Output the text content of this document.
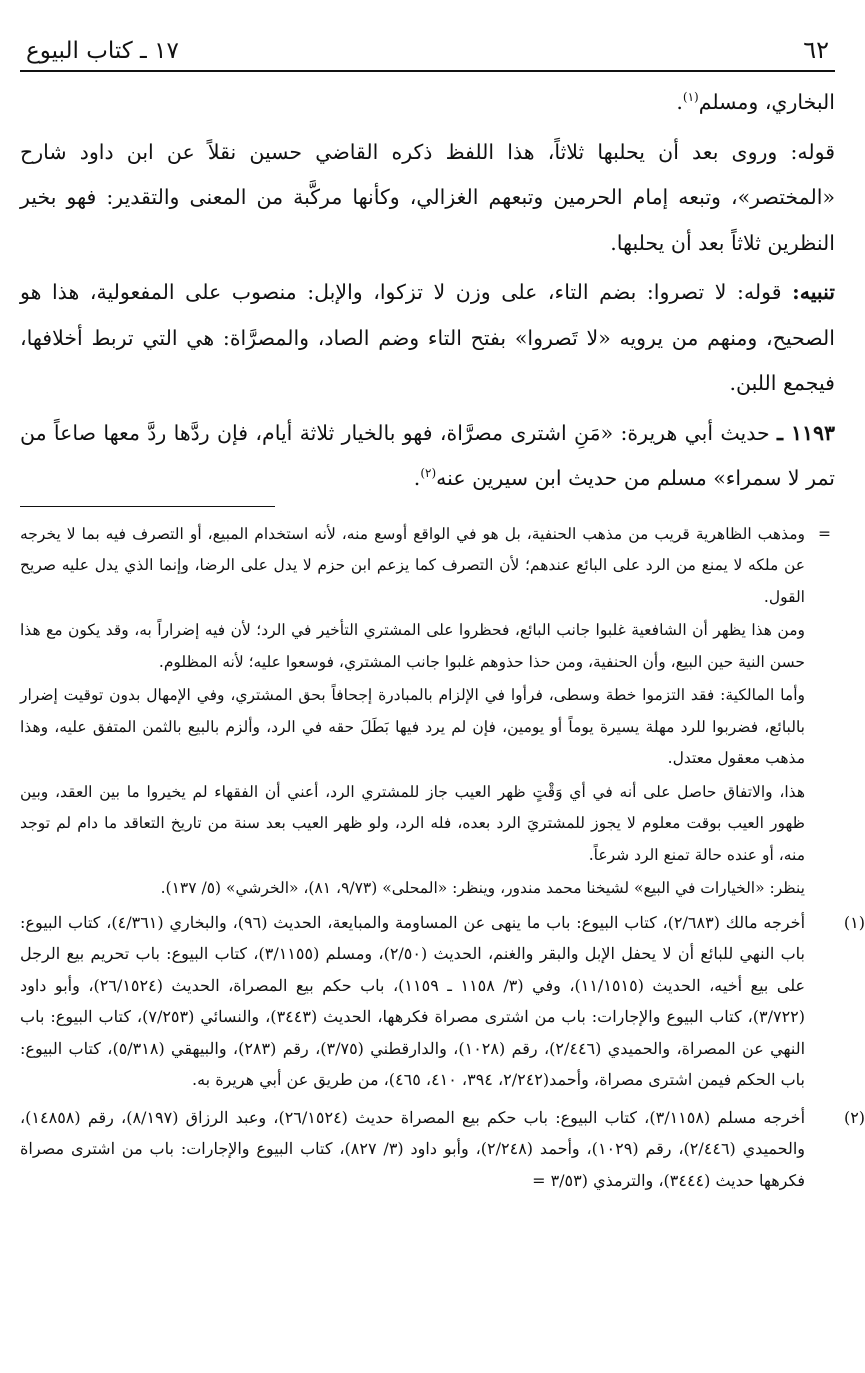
٦٢
١٧ ـ كتاب البيوع

البخاري، ومسلم$^{(١)}$.

قوله: وروى بعد أن يحلبها ثلاثاً، هذا اللفظ ذكره القاضي حسين نقلاً عن ابن داود شارح «المختصر»، وتبعه إمام الحرمين وتبعهم الغزالي، وكأنها مركَّبة من المعنى والتقدير: فهو بخير النظرين ثلاثاً بعد أن يحلبها.

تنبيه: قوله: لا تصروا: بضم التاء، على وزن لا تزكوا، والإبل: منصوب على المفعولية، هذا هو الصحيح، ومنهم من يرويه «لا تَصروا» بفتح التاء وضم الصاد، والمصرَّاة: هي التي تربط أخلافها، فيجمع اللبن.

١١٩٣ ـ حديث أبي هريرة: «مَنِ اشترى مصرَّاة، فهو بالخيار ثلاثة أيام، فإن ردَّها ردَّ معها صاعاً من تمر لا سمراء» مسلم من حديث ابن سيرين عنه$^{(٢)}$.

=
ومذهب الظاهرية قريب من مذهب الحنفية، بل هو في الواقع أوسع منه، لأنه استخدام المبيع، أو التصرف فيه بما لا يخرجه عن ملكه لا يمنع من الرد على البائع عندهم؛ لأن التصرف كما يزعم ابن حزم لا يدل على الرضا، وإنما الذي يدل عليه صريح القول.

ومن هذا يظهر أن الشافعية غلبوا جانب البائع، فحظروا على المشتري التأخير في الرد؛ لأن فيه إضراراً به، وقد يكون مع هذا حسن النية حين البيع، وأن الحنفية، ومن حذا حذوهم غلبوا جانب المشتري، فوسعوا عليه؛ لأنه المظلوم.

وأما المالكية: فقد التزموا خطة وسطى، فرأوا في الإلزام بالمبادرة إجحافاً بحق المشتري، وفي الإمهال بدون توقيت إضرار بالبائع، فضربوا للرد مهلة يسيرة يوماً أو يومين، فإن لم يرد فيها بَطَلَ حقه في الرد، وألزم بالبيع بالثمن المتفق عليه، وهذا مذهب معقول معتدل.

هذا، والاتفاق حاصل على أنه في أي وَقْتٍ ظهر العيب جاز للمشتري الرد، أعني أن الفقهاء لم يخيروا ما بين العقد، وبين ظهور العيب بوقت معلوم لا يجوز للمشتريَ الرد بعده، فله الرد، ولو ظهر العيب بعد سنة من تاريخ التعاقد ما دام لم توجد منه، أو عنده حالة تمنع الرد شرعاً.

ينظر: «الخيارات في البيع» لشيخنا محمد مندور، وينظر: «المحلى» (٩/٧٣، ٨١)، «الخرشي» (٥/ ١٣٧).

(١)أخرجه مالك (٢/٦٨٣)، كتاب البيوع: باب ما ينهى عن المساومة والمبايعة، الحديث (٩٦)، والبخاري (٤/٣٦١)، كتاب البيوع: باب النهي للبائع أن لا يحفل الإبل والبقر والغنم، الحديث (٢/٥٠)، ومسلم (٣/١١٥٥)، كتاب البيوع: باب تحريم بيع الرجل على بيع أخيه، الحديث (١١/١٥١٥)، وفي (٣/ ١١٥٨ ـ ١١٥٩)، باب حكم بيع المصراة، الحديث (٢٦/١٥٢٤)، وأبو داود (٣/٧٢٢)، كتاب البيوع والإجارات: باب من اشترى مصراة فكرهها، الحديث (٣٤٤٣)، والنسائي (٧/٢٥٣)، كتاب البيوع: باب النهي عن المصراة، والحميدي (٢/٤٤٦)، رقم (١٠٢٨)، والدارقطني (٣/٧٥)، رقم (٢٨٣)، والبيهقي (٥/٣١٨)، كتاب البيوع: باب الحكم فيمن اشترى مصراة، وأحمد(٢/٢٤٢، ٣٩٤، ٤١٠، ٤٦٥)، من طريق عن أبي هريرة به.

(٢)أخرجه مسلم (٣/١١٥٨)، كتاب البيوع: باب حكم بيع المصراة حديث (٢٦/١٥٢٤)، وعبد الرزاق (٨/١٩٧)، رقم (١٤٨٥٨)، والحميدي (٢/٤٤٦)، رقم (١٠٢٩)، وأحمد (٢/٢٤٨)، وأبو داود (٣/ ٨٢٧)، كتاب البيوع والإجارات: باب من اشترى مصراة فكرهها حديث (٣٤٤٤)، والترمذي (٣/٥٣ =
